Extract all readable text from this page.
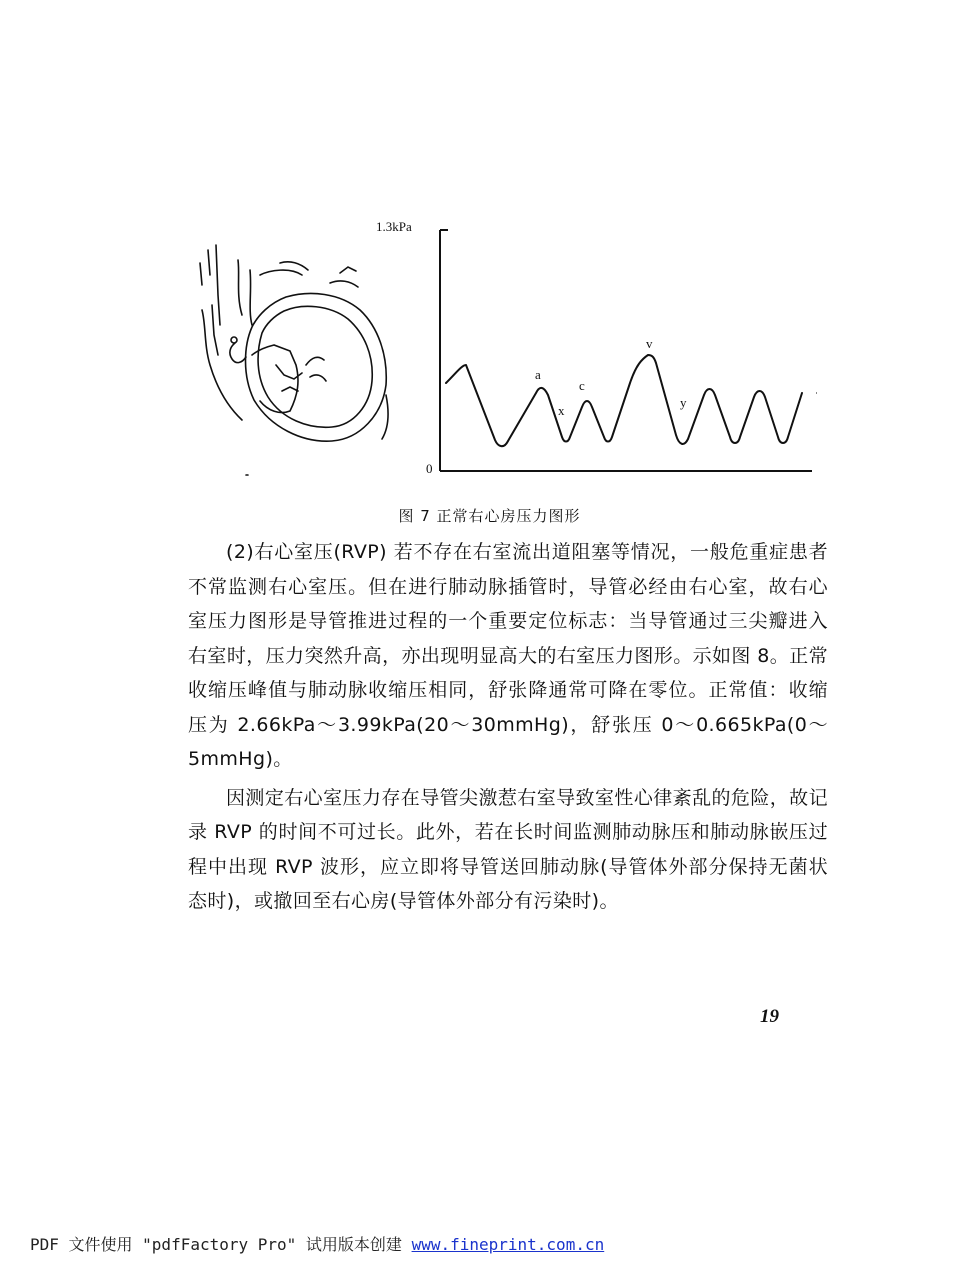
1.3kPa
0
a
x
c
v
y
图 7 正常右心房压力图形

(2)右心室压(RVP) 若不存在右室流出道阻塞等情况，一般危重症患者不常监测右心室压。但在进行肺动脉插管时，导管必经由右心室，故右心室压力图形是导管推进过程的一个重要定位标志：当导管通过三尖瓣进入右室时，压力突然升高，亦出现明显高大的右室压力图形。示如图 8。正常收缩压峰值与肺动脉收缩压相同，舒张降通常可降在零位。正常值：收缩压为 2.66kPa～3.99kPa(20～30mmHg)，舒张压 0～0.665kPa(0～5mmHg)。

因测定右心室压力存在导管尖激惹右室导致室性心律紊乱的危险，故记录 RVP 的时间不可过长。此外，若在长时间监测肺动脉压和肺动脉嵌压过程中出现 RVP 波形，应立即将导管送回肺动脉(导管体外部分保持无菌状态时)，或撤回至右心房(导管体外部分有污染时)。

19
PDF 文件使用 "pdfFactory Pro" 试用版本创建 www.fineprint.com.cn
